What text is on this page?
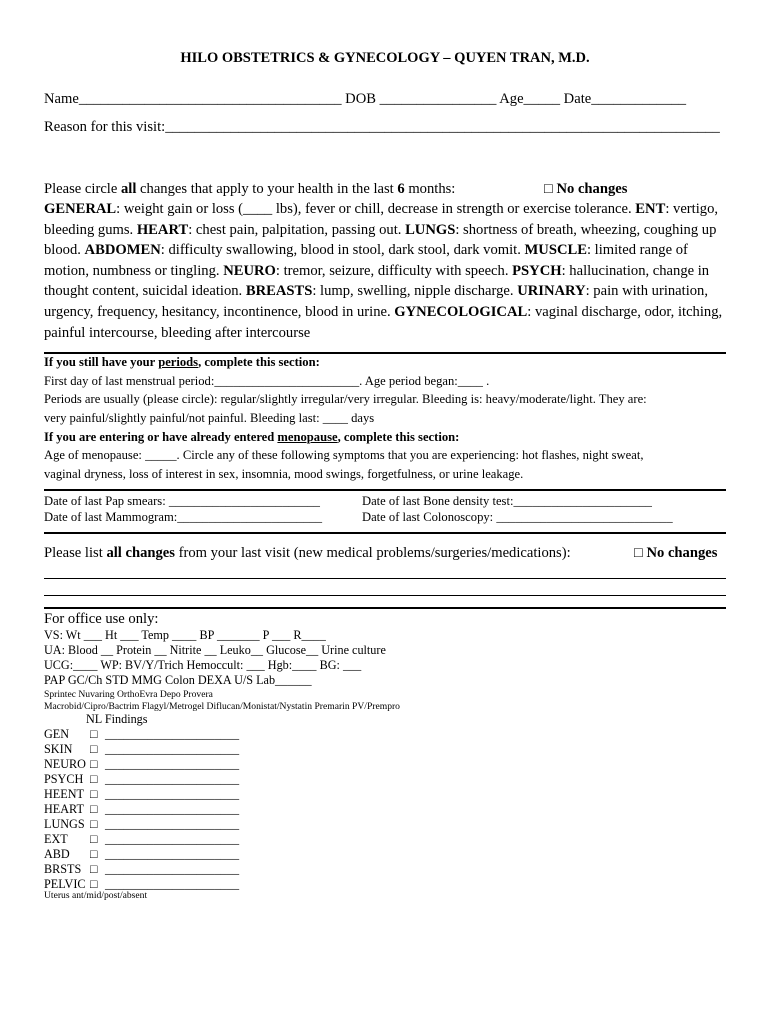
HILO OBSTETRICS & GYNECOLOGY – QUYEN TRAN, M.D.
Name____________________________________ DOB ________________ Age_____ Date_____________
Reason for this visit:____________________________________________________________________________
Please circle all changes that apply to your health in the last 6 months:	□ No changes
GENERAL: weight gain or loss (____ lbs), fever or chill, decrease in strength or exercise tolerance. ENT: vertigo, bleeding gums. HEART: chest pain, palpitation, passing out. LUNGS: shortness of breath, wheezing, coughing up blood. ABDOMEN: difficulty swallowing, blood in stool, dark stool, dark vomit. MUSCLE: limited range of motion, numbness or tingling. NEURO: tremor, seizure, difficulty with speech. PSYCH: hallucination, change in thought content, suicidal ideation. BREASTS: lump, swelling, nipple discharge. URINARY: pain with urination, urgency, frequency, hesitancy, incontinence, blood in urine. GYNECOLOGICAL: vaginal discharge, odor, itching, painful intercourse, bleeding after intercourse
If you still have your periods, complete this section:
First day of last menstrual period:_______________________. Age period began:____ .
Periods are usually (please circle): regular/slightly irregular/very irregular. Bleeding is: heavy/moderate/light. They are:
very painful/slightly painful/not painful. Bleeding last: ____ days
If you are entering or have already entered menopause, complete this section:
Age of menopause: _____. Circle any of these following symptoms that you are experiencing: hot flashes, night sweat,
vaginal dryness, loss of interest in sex, insomnia, mood swings, forgetfulness, or urine leakage.
Date of last Pap smears: ________________________	Date of last Bone density test:______________________
Date of last Mammogram:_______________________	Date of last Colonoscopy: ____________________________
Please list all changes from your last visit (new medical problems/surgeries/medications):	□ No changes
For office use only:
VS: Wt ___ Ht ___ Temp ____ BP _______ P ___ R____
UA: Blood __ Protein __ Nitrite __ Leuko__ Glucose__ Urine culture
UCG:____ WP: BV/Y/Trich Hemoccult: ___ Hgb:____ BG: ___
PAP GC/Ch STD MMG Colon DEXA U/S Lab______
Sprintec Nuvaring OrthoEvra Depo Provera
Macrobid/Cipro/Bactrim Flagyl/Metrogel Diflucan/Monistat/Nystatin Premarin PV/Prempro
NL Findings
GEN □ ______________________
SKIN □ ______________________
NEURO □ ______________________
PSYCH □ ______________________
HEENT □ ______________________
HEART □ ______________________
LUNGS □ ______________________
EXT □ ______________________
ABD □ ______________________
BRSTS □ ______________________
PELVIC □ ______________________
Uterus ant/mid/post/absent
